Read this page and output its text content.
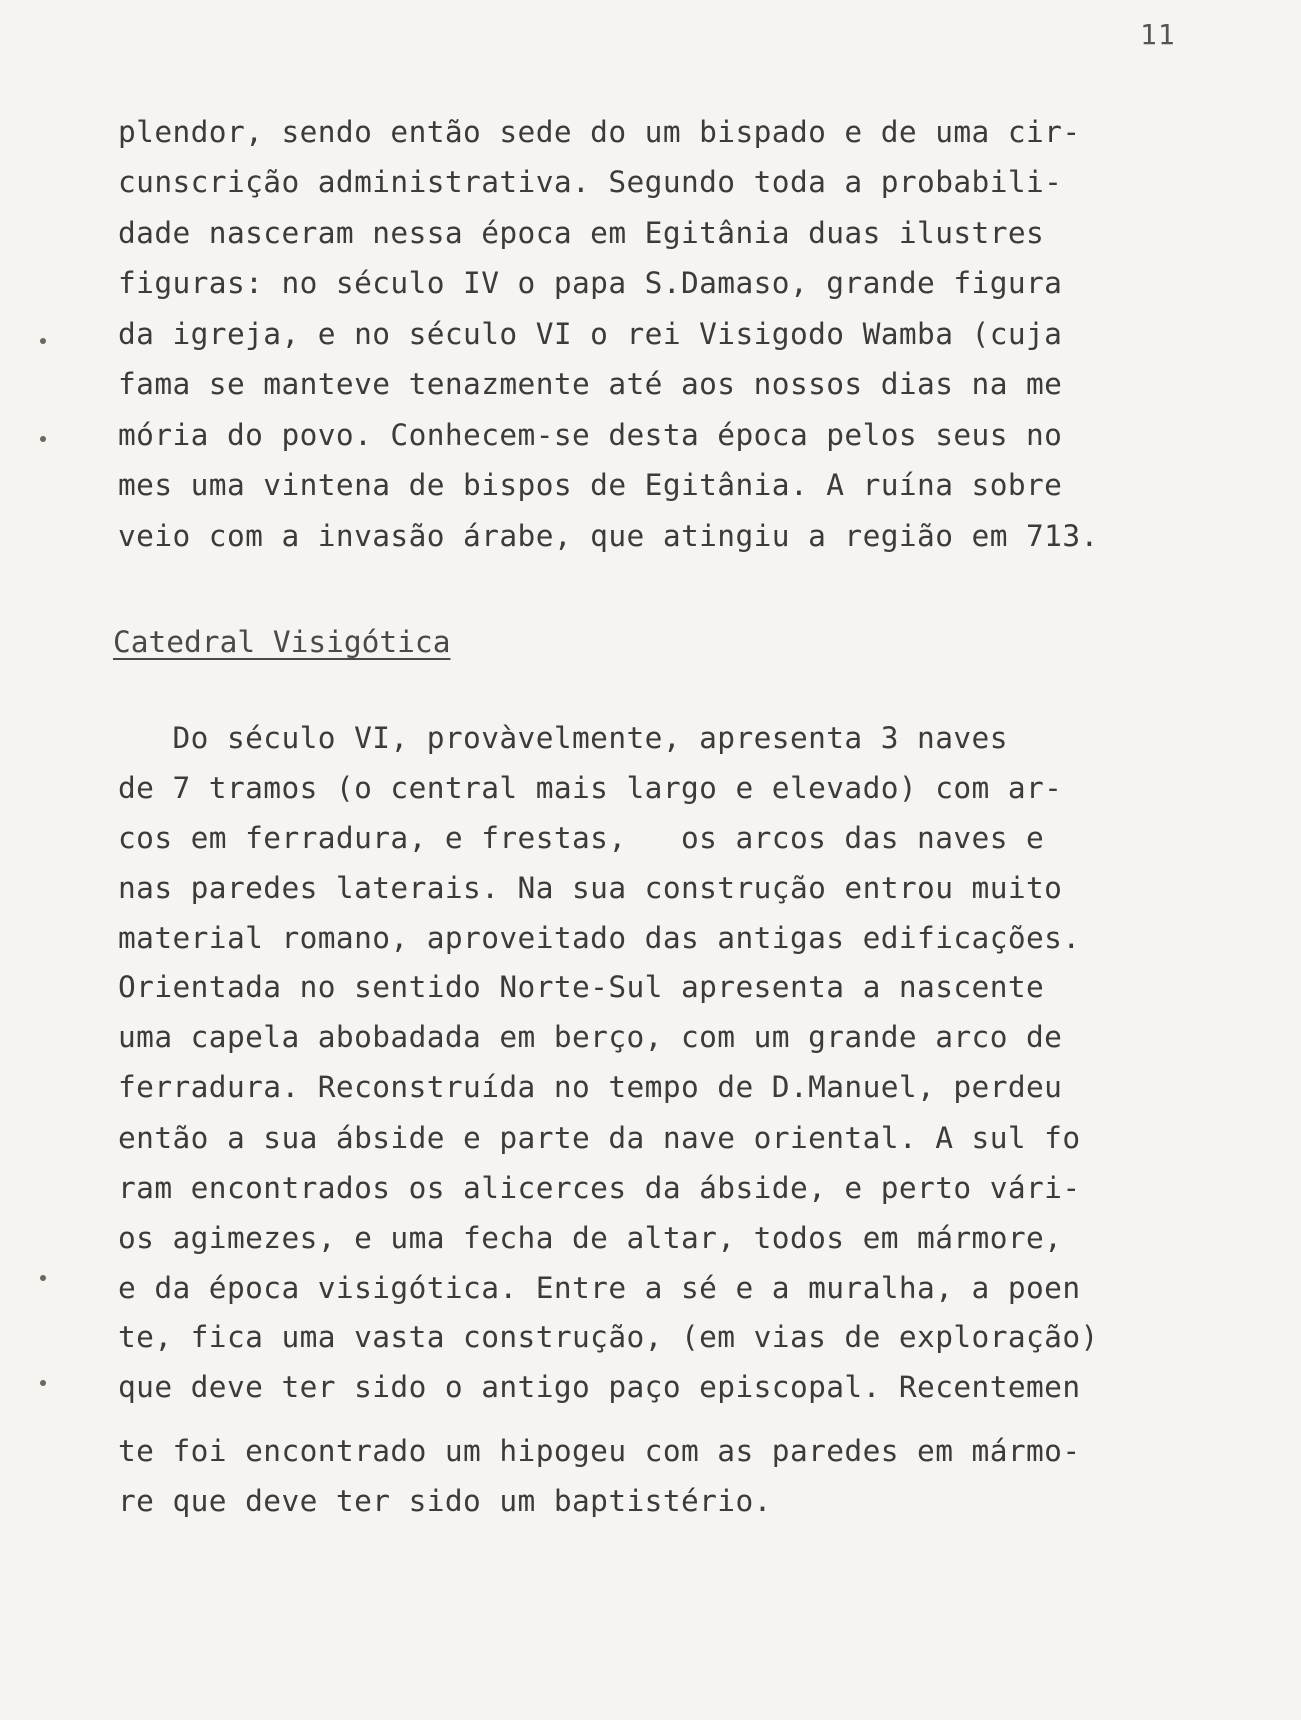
11
plendor, sendo então sede do um bispado e de uma cir-
cunscrição administrativa. Segundo toda a probabili-
dade nasceram nessa época em Egitânia duas ilustres
figuras: no século IV o papa S.Damaso, grande figura
da igreja, e no século VI o rei Visigodo Wamba (cuja
fama se manteve tenazmente até aos nossos dias na me
mória do povo. Conhecem-se desta época pelos seus no
mes uma vintena de bispos de Egitânia. A ruína sobre
veio com a invasão árabe, que atingiu a região em 713.
Catedral Visigótica
Do século VI, provàvelmente, apresenta 3 naves
de 7 tramos (o central mais largo e elevado) com ar-
cos em ferradura, e frestas,   os arcos das naves e
nas paredes laterais. Na sua construção entrou muito
material romano, aproveitado das antigas edificações.
Orientada no sentido Norte-Sul apresenta a nascente
uma capela abobadada em berço, com um grande arco de
ferradura. Reconstruída no tempo de D.Manuel, perdeu
então a sua ábside e parte da nave oriental. A sul fo
ram encontrados os alicerces da ábside, e perto vári-
os agimezes, e uma fecha de altar, todos em mármore,
e da época visigótica. Entre a sé e a muralha, a poen
te, fica uma vasta construção, (em vias de exploração)
que deve ter sido o antigo paço episcopal. Recentemen
te foi encontrado um hipogeu com as paredes em mármo-
re que deve ter sido um baptistério.
